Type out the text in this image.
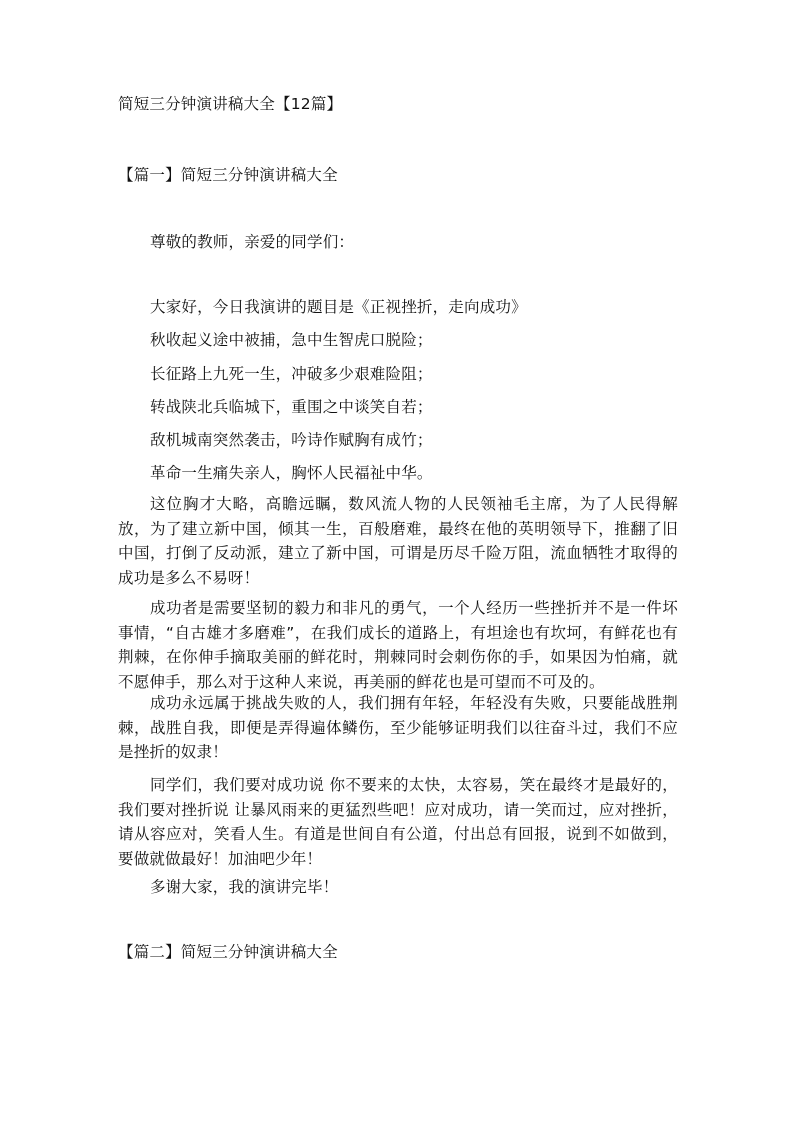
简短三分钟演讲稿大全【12篇】
【篇一】简短三分钟演讲稿大全
尊敬的教师，亲爱的同学们：
大家好，今日我演讲的题目是《正视挫折，走向成功》
秋收起义途中被捕，急中生智虎口脱险；
长征路上九死一生，冲破多少艰难险阻；
转战陕北兵临城下，重围之中谈笑自若；
敌机城南突然袭击，吟诗作赋胸有成竹；
革命一生痛失亲人，胸怀人民福祉中华。

这位胸才大略，高瞻远瞩，数风流人物的人民领袖毛主席，为了人民得解放，为了建立新中国，倾其一生，百般磨难，最终在他的英明领导下，推翻了旧中国，打倒了反动派，建立了新中国，可谓是历尽千险万阻，流血牺牲才取得的成功是多么不易呀！

成功者是需要坚韧的毅力和非凡的勇气，一个人经历一些挫折并不是一件坏事情，“自古雄才多磨难”，在我们成长的道路上，有坦途也有坎坷，有鲜花也有荆棘，在你伸手摘取美丽的鲜花时，荆棘同时会刺伤你的手，如果因为怕痛，就不愿伸手，那么对于这种人来说，再美丽的鲜花也是可望而不可及的。

成功永远属于挑战失败的人，我们拥有年轻，年轻没有失败，只要能战胜荆棘，战胜自我，即便是弄得遍体鳞伤，至少能够证明我们以往奋斗过，我们不应是挫折的奴隶！

同学们，我们要对成功说 你不要来的太快，太容易，笑在最终才是最好的，我们要对挫折说 让暴风雨来的更猛烈些吧！应对成功，请一笑而过，应对挫折，请从容应对，笑看人生。有道是世间自有公道，付出总有回报，说到不如做到，要做就做最好！加油吧少年！

多谢大家，我的演讲完毕！
【篇二】简短三分钟演讲稿大全
